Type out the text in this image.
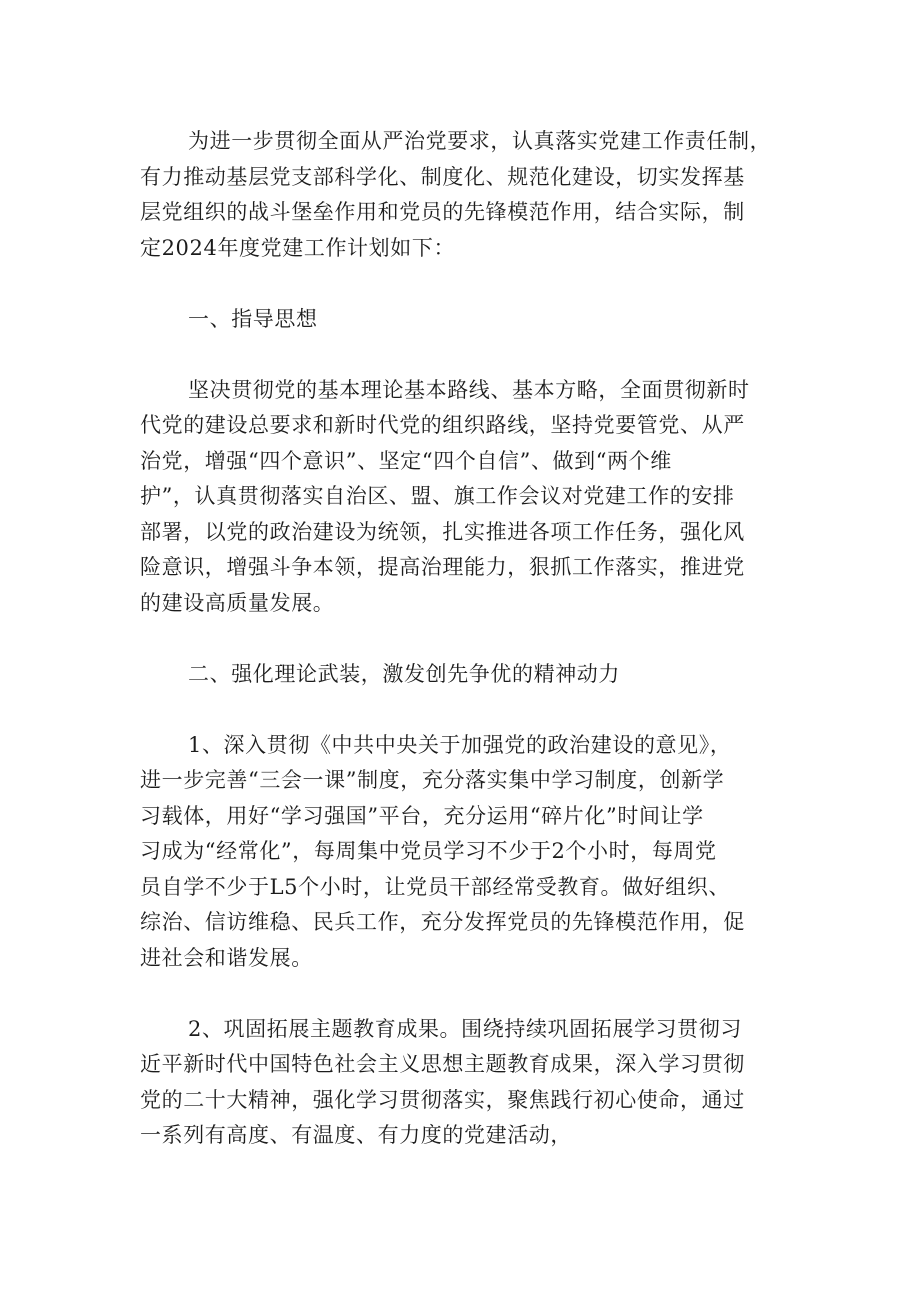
为进一步贯彻全面从严治党要求，认真落实党建工作责任制，
有力推动基层党支部科学化、制度化、规范化建设，切实发挥基
层党组织的战斗堡垒作用和党员的先锋模范作用，结合实际，制
定2024年度党建工作计划如下：

一、指导思想

坚决贯彻党的基本理论基本路线、基本方略，全面贯彻新时
代党的建设总要求和新时代党的组织路线，坚持党要管党、从严
治党，增强“四个意识”、坚定“四个自信”、做到“两个维
护”，认真贯彻落实自治区、盟、旗工作会议对党建工作的安排
部署，以党的政治建设为统领，扎实推进各项工作任务，强化风
险意识，增强斗争本领，提高治理能力，狠抓工作落实，推进党
的建设高质量发展。

二、强化理论武装，激发创先争优的精神动力

1、深入贯彻《中共中央关于加强党的政治建设的意见》，
进一步完善“三会一课”制度，充分落实集中学习制度，创新学
习载体，用好“学习强国”平台，充分运用“碎片化”时间让学
习成为“经常化”，每周集中党员学习不少于2个小时，每周党
员自学不少于L5个小时，让党员干部经常受教育。做好组织、
综治、信访维稳、民兵工作，充分发挥党员的先锋模范作用，促
进社会和谐发展。

2、巩固拓展主题教育成果。围绕持续巩固拓展学习贯彻习
近平新时代中国特色社会主义思想主题教育成果，深入学习贯彻
党的二十大精神，强化学习贯彻落实，聚焦践行初心使命，通过
一系列有高度、有温度、有力度的党建活动，
